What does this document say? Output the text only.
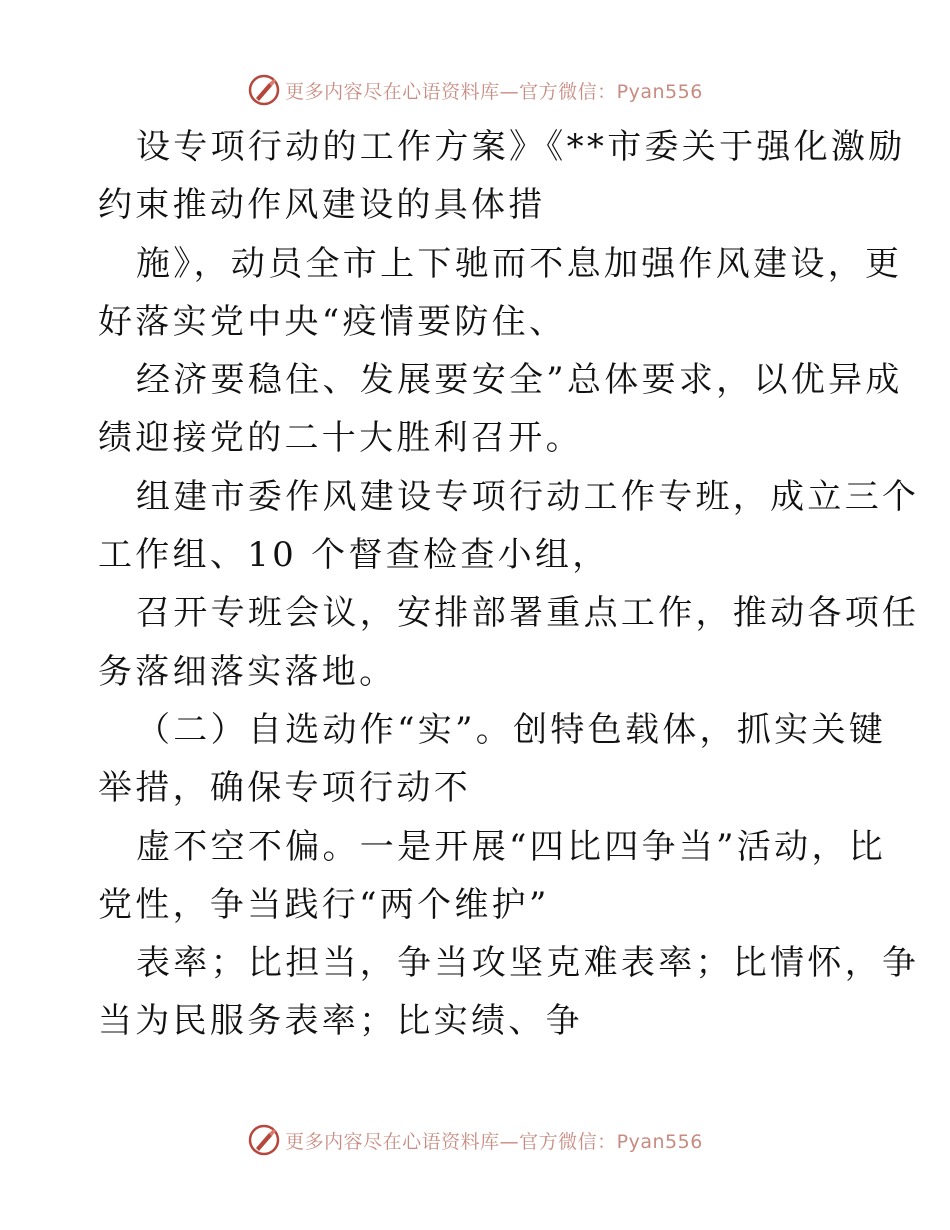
更多内容尽在心语资料库—官方微信：Pyan556
设专项行动的工作方案》《**市委关于强化激励
约束推动作风建设的具体措
施》，动员全市上下驰而不息加强作风建设，更
好落实党中央“疫情要防住、
经济要稳住、发展要安全”总体要求，以优异成
绩迎接党的二十大胜利召开。
组建市委作风建设专项行动工作专班，成立三个
工作组、10 个督查检查小组，
召开专班会议，安排部署重点工作，推动各项任
务落细落实落地。
（二）自选动作“实”。创特色载体，抓实关键
举措，确保专项行动不
虚不空不偏。一是开展“四比四争当”活动，比
党性，争当践行“两个维护”
表率；比担当，争当攻坚克难表率；比情怀，争
当为民服务表率；比实绩、争
更多内容尽在心语资料库—官方微信：Pyan556
